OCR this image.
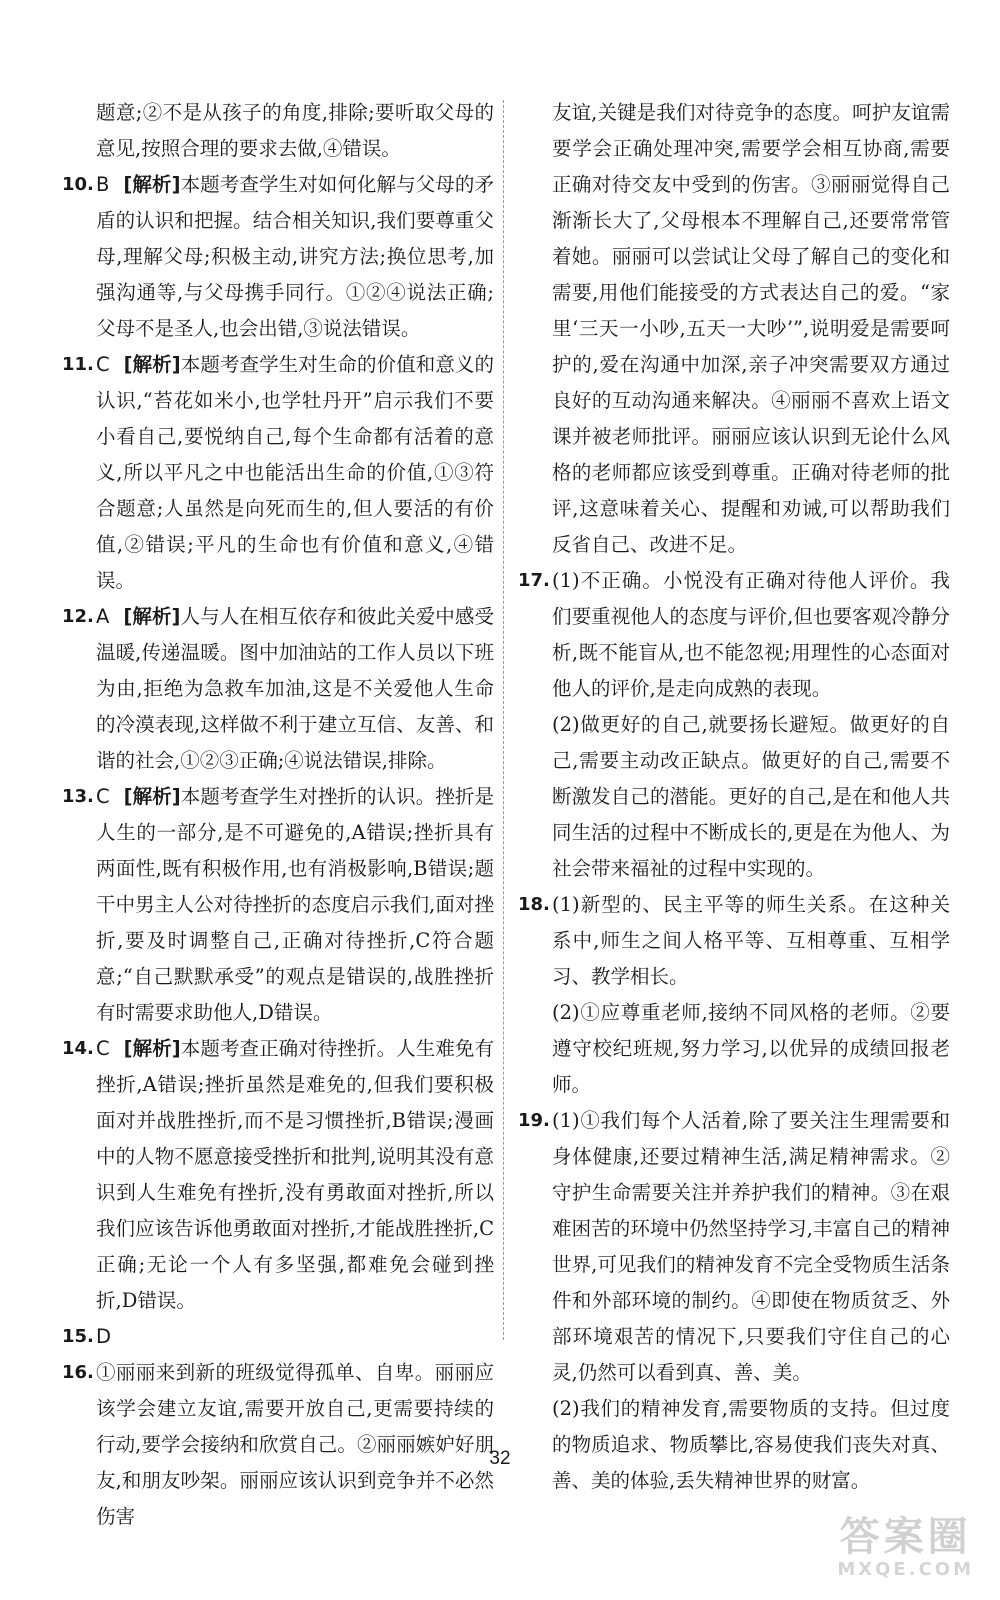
题意;②不是从孩子的角度,排除;要听取父母的意见,按照合理的要求去做,④错误。

10. B [解析]本题考查学生对如何化解与父母的矛盾的认识和把握。结合相关知识,我们要尊重父母,理解父母;积极主动,讲究方法;换位思考,加强沟通等,与父母携手同行。①②④说法正确;父母不是圣人,也会出错,③说法错误。

11. C [解析]本题考查学生对生命的价值和意义的认识,“苔花如米小,也学牡丹开”启示我们不要小看自己,要悦纳自己,每个生命都有活着的意义,所以平凡之中也能活出生命的价值,①③符合题意;人虽然是向死而生的,但人要活的有价值,②错误;平凡的生命也有价值和意义,④错误。

12. A [解析]人与人在相互依存和彼此关爱中感受温暖,传递温暖。图中加油站的工作人员以下班为由,拒绝为急救车加油,这是不关爱他人生命的冷漠表现,这样做不利于建立互信、友善、和谐的社会,①②③正确;④说法错误,排除。

13. C [解析]本题考查学生对挫折的认识。挫折是人生的一部分,是不可避免的,A错误;挫折具有两面性,既有积极作用,也有消极影响,B错误;题干中男主人公对待挫折的态度启示我们,面对挫折,要及时调整自己,正确对待挫折,C符合题意;“自己默默承受”的观点是错误的,战胜挫折有时需要求助他人,D错误。

14. C [解析]本题考查正确对待挫折。人生难免有挫折,A错误;挫折虽然是难免的,但我们要积极面对并战胜挫折,而不是习惯挫折,B错误;漫画中的人物不愿意接受挫折和批判,说明其没有意识到人生难免有挫折,没有勇敢面对挫折,所以我们应该告诉他勇敢面对挫折,才能战胜挫折,C正确;无论一个人有多坚强,都难免会碰到挫折,D错误。

15. D

16. ①丽丽来到新的班级觉得孤单、自卑。丽丽应该学会建立友谊,需要开放自己,更需要持续的行动,要学会接纳和欣赏自己。②丽丽嫉妒好朋友,和朋友吵架。丽丽应该认识到竞争并不必然伤害

友谊,关键是我们对待竞争的态度。呵护友谊需要学会正确处理冲突,需要学会相互协商,需要正确对待交友中受到的伤害。③丽丽觉得自己渐渐长大了,父母根本不理解自己,还要常常管着她。丽丽可以尝试让父母了解自己的变化和需要,用他们能接受的方式表达自己的爱。“家里‘三天一小吵,五天一大吵’”,说明爱是需要呵护的,爱在沟通中加深,亲子冲突需要双方通过良好的互动沟通来解决。④丽丽不喜欢上语文课并被老师批评。丽丽应该认识到无论什么风格的老师都应该受到尊重。正确对待老师的批评,这意味着关心、提醒和劝诫,可以帮助我们反省自己、改进不足。

17. (1)不正确。小悦没有正确对待他人评价。我们要重视他人的态度与评价,但也要客观冷静分析,既不能盲从,也不能忽视;用理性的心态面对他人的评价,是走向成熟的表现。

(2)做更好的自己,就要扬长避短。做更好的自己,需要主动改正缺点。做更好的自己,需要不断激发自己的潜能。更好的自己,是在和他人共同生活的过程中不断成长的,更是在为他人、为社会带来福祉的过程中实现的。

18. (1)新型的、民主平等的师生关系。在这种关系中,师生之间人格平等、互相尊重、互相学习、教学相长。

(2)①应尊重老师,接纳不同风格的老师。②要遵守校纪班规,努力学习,以优异的成绩回报老师。

19. (1)①我们每个人活着,除了要关注生理需要和身体健康,还要过精神生活,满足精神需求。②守护生命需要关注并养护我们的精神。③在艰难困苦的环境中仍然坚持学习,丰富自己的精神世界,可见我们的精神发育不完全受物质生活条件和外部环境的制约。④即使在物质贫乏、外部环境艰苦的情况下,只要我们守住自己的心灵,仍然可以看到真、善、美。

(2)我们的精神发育,需要物质的支持。但过度的物质追求、物质攀比,容易使我们丧失对真、善、美的体验,丢失精神世界的财富。

32
答案圈
MXQE.COM
